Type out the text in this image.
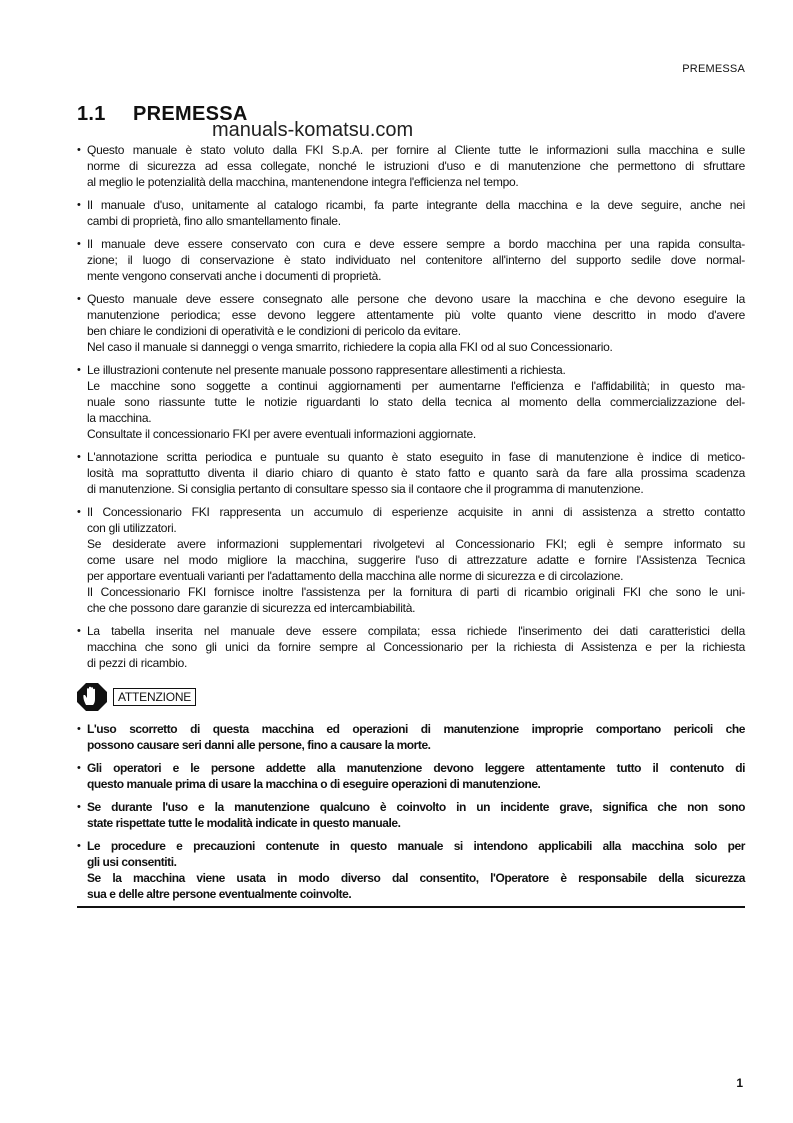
PREMESSA
1.1 PREMESSA
manuals-komatsu.com
• Questo manuale è stato voluto dalla FKI S.p.A. per fornire al Cliente tutte le informazioni sulla macchina e sulle
norme di sicurezza ad essa collegate, nonché le istruzioni d'uso e di manutenzione che permettono di sfruttare
al meglio le potenzialità della macchina, mantenendone integra l'efficienza nel tempo.
• Il manuale d'uso, unitamente al catalogo ricambi, fa parte integrante della macchina e la deve seguire, anche nei
cambi di proprietà, fino allo smantellamento finale.
• Il manuale deve essere conservato con cura e deve essere sempre a bordo macchina per una rapida consulta-
zione; il luogo di conservazione è stato individuato nel contenitore all'interno del supporto sedile dove normal-
mente vengono conservati anche i documenti di proprietà.
• Questo manuale deve essere consegnato alle persone che devono usare la macchina e che devono eseguire la
manutenzione periodica; esse devono leggere attentamente più volte quanto viene descritto in modo d'avere
ben chiare le condizioni di operatività e le condizioni di pericolo da evitare.
Nel caso il manuale si danneggi o venga smarrito, richiedere la copia alla FKI od al suo Concessionario.
• Le illustrazioni contenute nel presente manuale possono rappresentare allestimenti a richiesta.
Le macchine sono soggette a continui aggiornamenti per aumentarne l'efficienza e l'affidabilità; in questo ma-
nuale sono riassunte tutte le notizie riguardanti lo stato della tecnica al momento della commercializzazione del-
la macchina.
Consultate il concessionario FKI per avere eventuali informazioni aggiornate.
• L'annotazione scritta periodica e puntuale su quanto è stato eseguito in fase di manutenzione è indice di metico-
losità ma soprattutto diventa il diario chiaro di quanto è stato fatto e quanto sarà da fare alla prossima scadenza
di manutenzione. Si consiglia pertanto di consultare spesso sia il contaore che il programma di manutenzione.
• Il Concessionario FKI rappresenta un accumulo di esperienze acquisite in anni di assistenza a stretto contatto
con gli utilizzatori.
Se desiderate avere informazioni supplementari rivolgetevi al Concessionario FKI; egli è sempre informato su
come usare nel modo migliore la macchina, suggerire l'uso di attrezzature adatte e fornire l'Assistenza Tecnica
per apportare eventuali varianti per l'adattamento della macchina alle norme di sicurezza e di circolazione.
Il Concessionario FKI fornisce inoltre l'assistenza per la fornitura di parti di ricambio originali FKI che sono le uni-
che che possono dare garanzie di sicurezza ed intercambiabilità.
• La tabella inserita nel manuale deve essere compilata; essa richiede l'inserimento dei dati caratteristici della
macchina che sono gli unici da fornire sempre al Concessionario per la richiesta di Assistenza e per la richiesta
di pezzi di ricambio.
ATTENZIONE
• L'uso scorretto di questa macchina ed operazioni di manutenzione improprie comportano pericoli che
possono causare seri danni alle persone, fino a causare la morte.
• Gli operatori e le persone addette alla manutenzione devono leggere attentamente tutto il contenuto di
questo manuale prima di usare la macchina o di eseguire operazioni di manutenzione.
• Se durante l'uso e la manutenzione qualcuno è coinvolto in un incidente grave, significa che non sono
state rispettate tutte le modalità indicate in questo manuale.
• Le procedure e precauzioni contenute in questo manuale si intendono applicabili alla macchina solo per
gli usi consentiti.
Se la macchina viene usata in modo diverso dal consentito, l'Operatore è responsabile della sicurezza
sua e delle altre persone eventualmente coinvolte.
1
